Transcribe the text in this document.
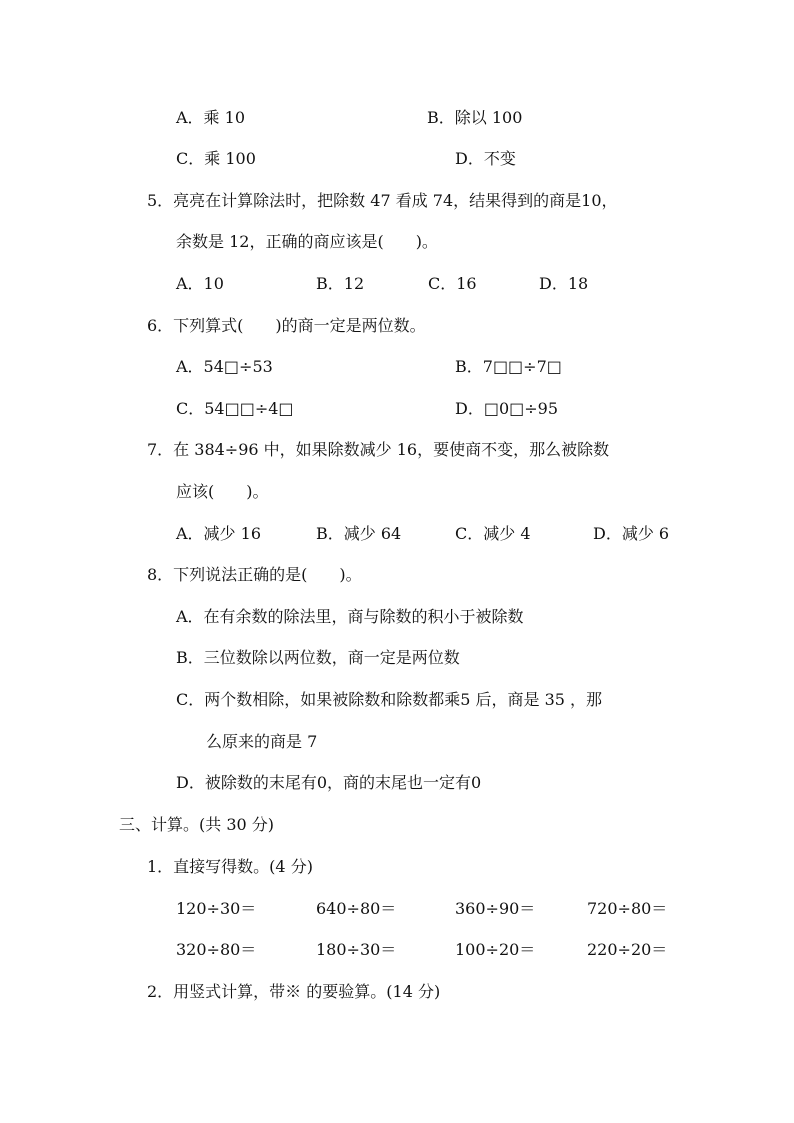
A．乘 10	B．除以 100
C．乘 100	D．不变
5．亮亮在计算除法时，把除数 47 看成 74，结果得到的商是10，
余数是 12，正确的商应该是(　　)。
A．10	B．12	C．16	D．18
6．下列算式(　　)的商一定是两位数。
A．54□÷53	B．7□□÷7□
C．54□□÷4□	D．□0□÷95
7．在 384÷96 中，如果除数减少 16，要使商不变，那么被除数
应该(　　)。
A．减少 16	B．减少 64	C．减少 4	D．减少 6
8．下列说法正确的是(　　)。
A．在有余数的除法里，商与除数的积小于被除数
B．三位数除以两位数，商一定是两位数
C．两个数相除，如果被除数和除数都乘5 后，商是 35 ，那
么原来的商是 7
D．被除数的末尾有0，商的末尾也一定有0
三、计算。(共 30 分)
1．直接写得数。(4 分)
120÷30＝	640÷80＝	360÷90＝	720÷80＝
320÷80＝	180÷30＝	100÷20＝	220÷20＝
2．用竖式计算，带※ 的要验算。(14 分)
